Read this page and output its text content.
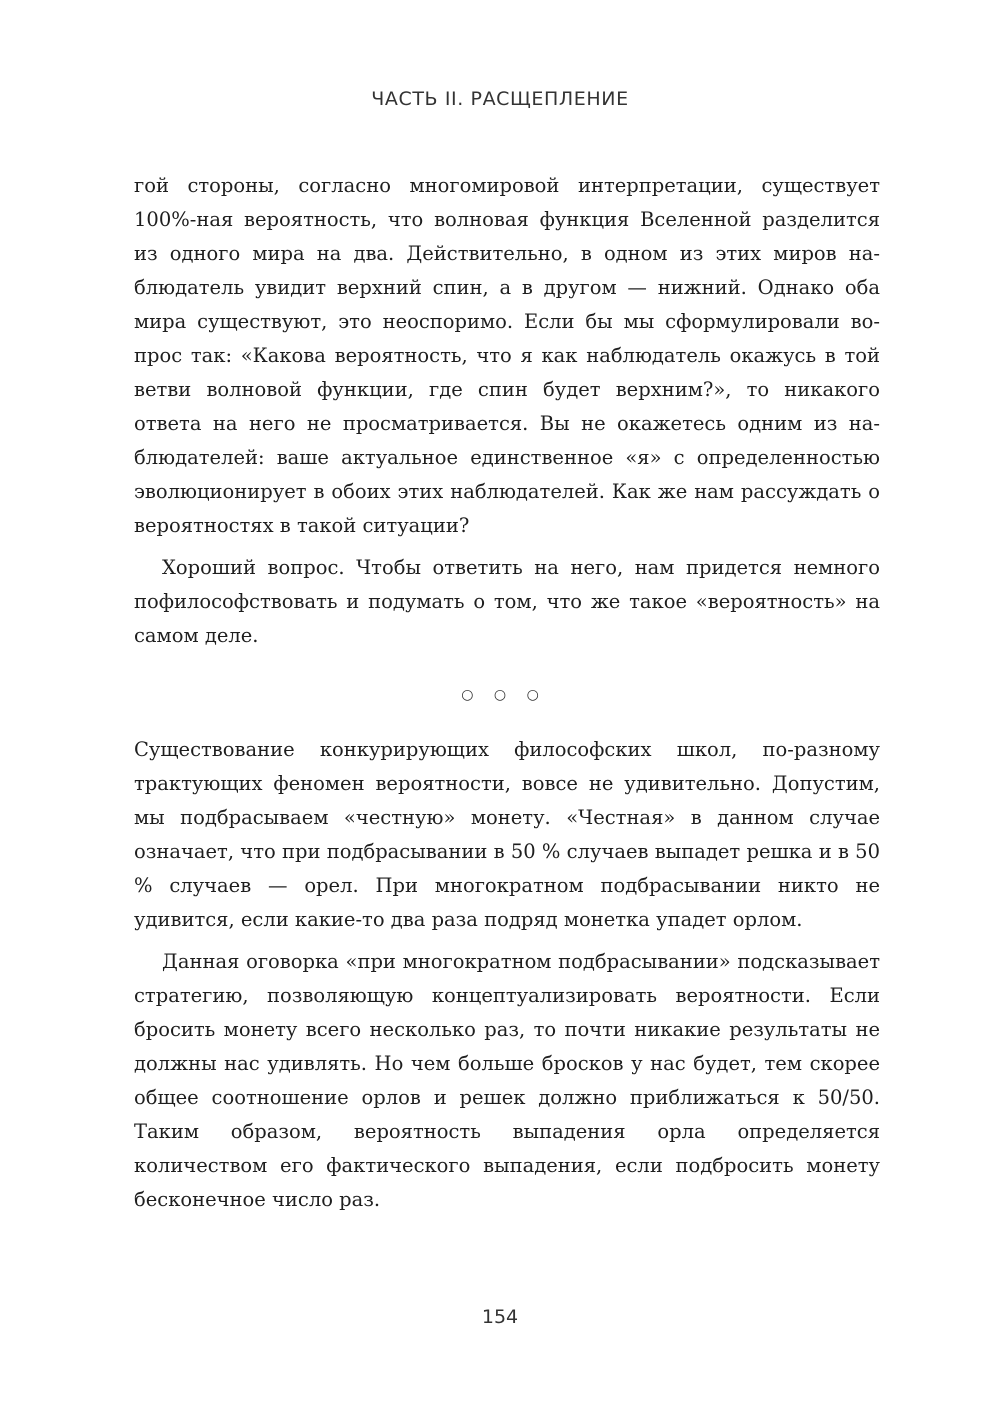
ЧАСТЬ II. РАСЩЕПЛЕНИЕ

гой стороны, согласно многомировой интерпретации, существует 100%-ная вероятность, что волновая функция Вселенной разделится из одного мира на два. Действительно, в одном из этих миров наблюдатель увидит верхний спин, а в другом — нижний. Однако оба мира существуют, это неоспоримо. Если бы мы сформулировали вопрос так: «Какова вероятность, что я как наблюдатель окажусь в той ветви волновой функции, где спин будет верхним?», то никакого ответа на него не просматривается. Вы не окажетесь одним из наблюдателей: ваше актуальное единственное «я» с определенностью эволюционирует в обоих этих наблюдателей. Как же нам рассуждать о вероятностях в такой ситуации?

Хороший вопрос. Чтобы ответить на него, нам придется немного пофилософствовать и подумать о том, что же такое «вероятность» на самом деле.

○ ○ ○

Существование конкурирующих философских школ, по-разному трактующих феномен вероятности, вовсе не удивительно. Допустим, мы подбрасываем «честную» монету. «Честная» в данном случае означает, что при подбрасывании в 50 % случаев выпадет решка и в 50 % случаев — орел. При многократном подбрасывании никто не удивится, если какие-то два раза подряд монетка упадет орлом.

Данная оговорка «при многократном подбрасывании» подсказывает стратегию, позволяющую концептуализировать вероятности. Если бросить монету всего несколько раз, то почти никакие результаты не должны нас удивлять. Но чем больше бросков у нас будет, тем скорее общее соотношение орлов и решек должно приближаться к 50/50. Таким образом, вероятность выпадения орла определяется количеством его фактического выпадения, если подбросить монету бесконечное число раз.

154
